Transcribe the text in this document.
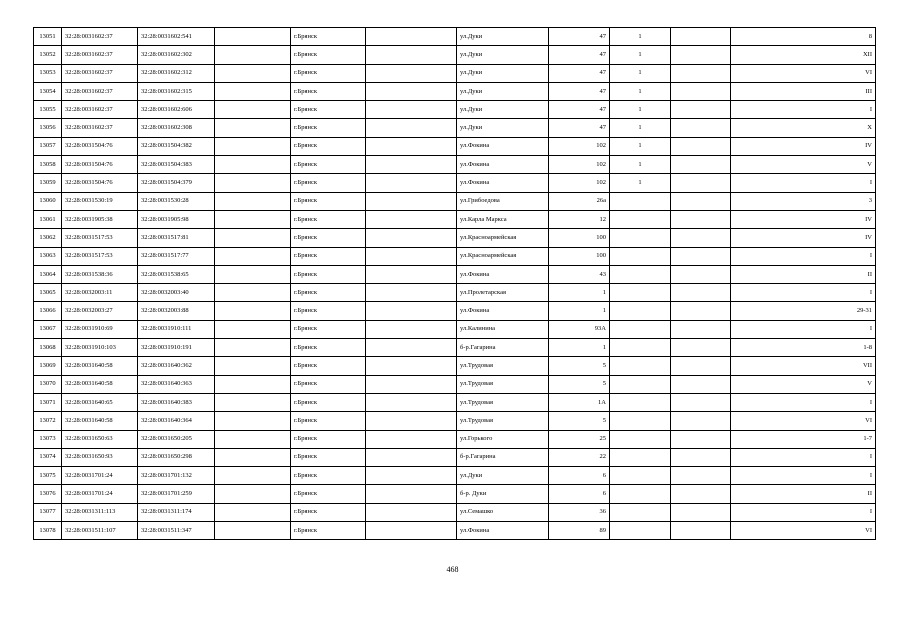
13051	32:28:0031602:37	32:28:0031602:541		г.Брянск		ул.Дуки	47	1		8
13052	32:28:0031602:37	32:28:0031602:302		г.Брянск		ул.Дуки	47	1		XII
13053	32:28:0031602:37	32:28:0031602:312		г.Брянск		ул.Дуки	47	1		VI
13054	32:28:0031602:37	32:28:0031602:315		г.Брянск		ул.Дуки	47	1		III
13055	32:28:0031602:37	32:28:0031602:606		г.Брянск		ул.Дуки	47	1		I
13056	32:28:0031602:37	32:28:0031602:308		г.Брянск		ул.Дуки	47	1		X
13057	32:28:0031504:76	32:28:0031504:382		г.Брянск		ул.Фокина	102	1		IV
13058	32:28:0031504:76	32:28:0031504:383		г.Брянск		ул.Фокина	102	1		V
13059	32:28:0031504:76	32:28:0031504:379		г.Брянск		ул.Фокина	102	1		I
13060	32:28:0031530:19	32:28:0031530:28		г.Брянск		ул.Грибоедова	26а			3
13061	32:28:0031905:38	32:28:0031905:98		г.Брянск		ул.Карла Маркса	12			IV
13062	32:28:0031517:53	32:28:0031517:81		г.Брянск		ул.Красноармейская	100			IV
13063	32:28:0031517:53	32:28:0031517:77		г.Брянск		ул.Красноармейская	100			I
13064	32:28:0031538:36	32:28:0031538:65		г.Брянск		ул.Фокина	43			II
13065	32:28:0032003:11	32:28:0032003:40		г.Брянск		ул.Пролетарская	1			I
13066	32:28:0032003:27	32:28:0032003:88		г.Брянск		ул.Фокина	1			29-31
13067	32:28:0031910:69	32:28:0031910:111		г.Брянск		ул.Калинина	93А			I
13068	32:28:0031910:103	32:28:0031910:191		г.Брянск		б-р.Гагарина	1			1-8
13069	32:28:0031640:58	32:28:0031640:362		г.Брянск		ул.Трудовая	5			VII
13070	32:28:0031640:58	32:28:0031640:363		г.Брянск		ул.Трудовая	5			V
13071	32:28:0031640:65	32:28:0031640:383		г.Брянск		ул.Трудовая	1А			I
13072	32:28:0031640:58	32:28:0031640:364		г.Брянск		ул.Трудовая	5			VI
13073	32:28:0031650:63	32:28:0031650:205		г.Брянск		ул.Горького	25			1-7
13074	32:28:0031650:93	32:28:0031650:298		г.Брянск		б-р.Гагарина	22			I
13075	32:28:0031701:24	32:28:0031701:132		г.Брянск		ул.Дуки	6			I
13076	32:28:0031701:24	32:28:0031701:259		г.Брянск		б-р. Дуки	6			II
13077	32:28:0031311:113	32:28:0031311:174		г.Брянск		ул.Семашко	36			I
13078	32:28:0031511:107	32:28:0031511:347		г.Брянск		ул.Фокина	89			VI
468
